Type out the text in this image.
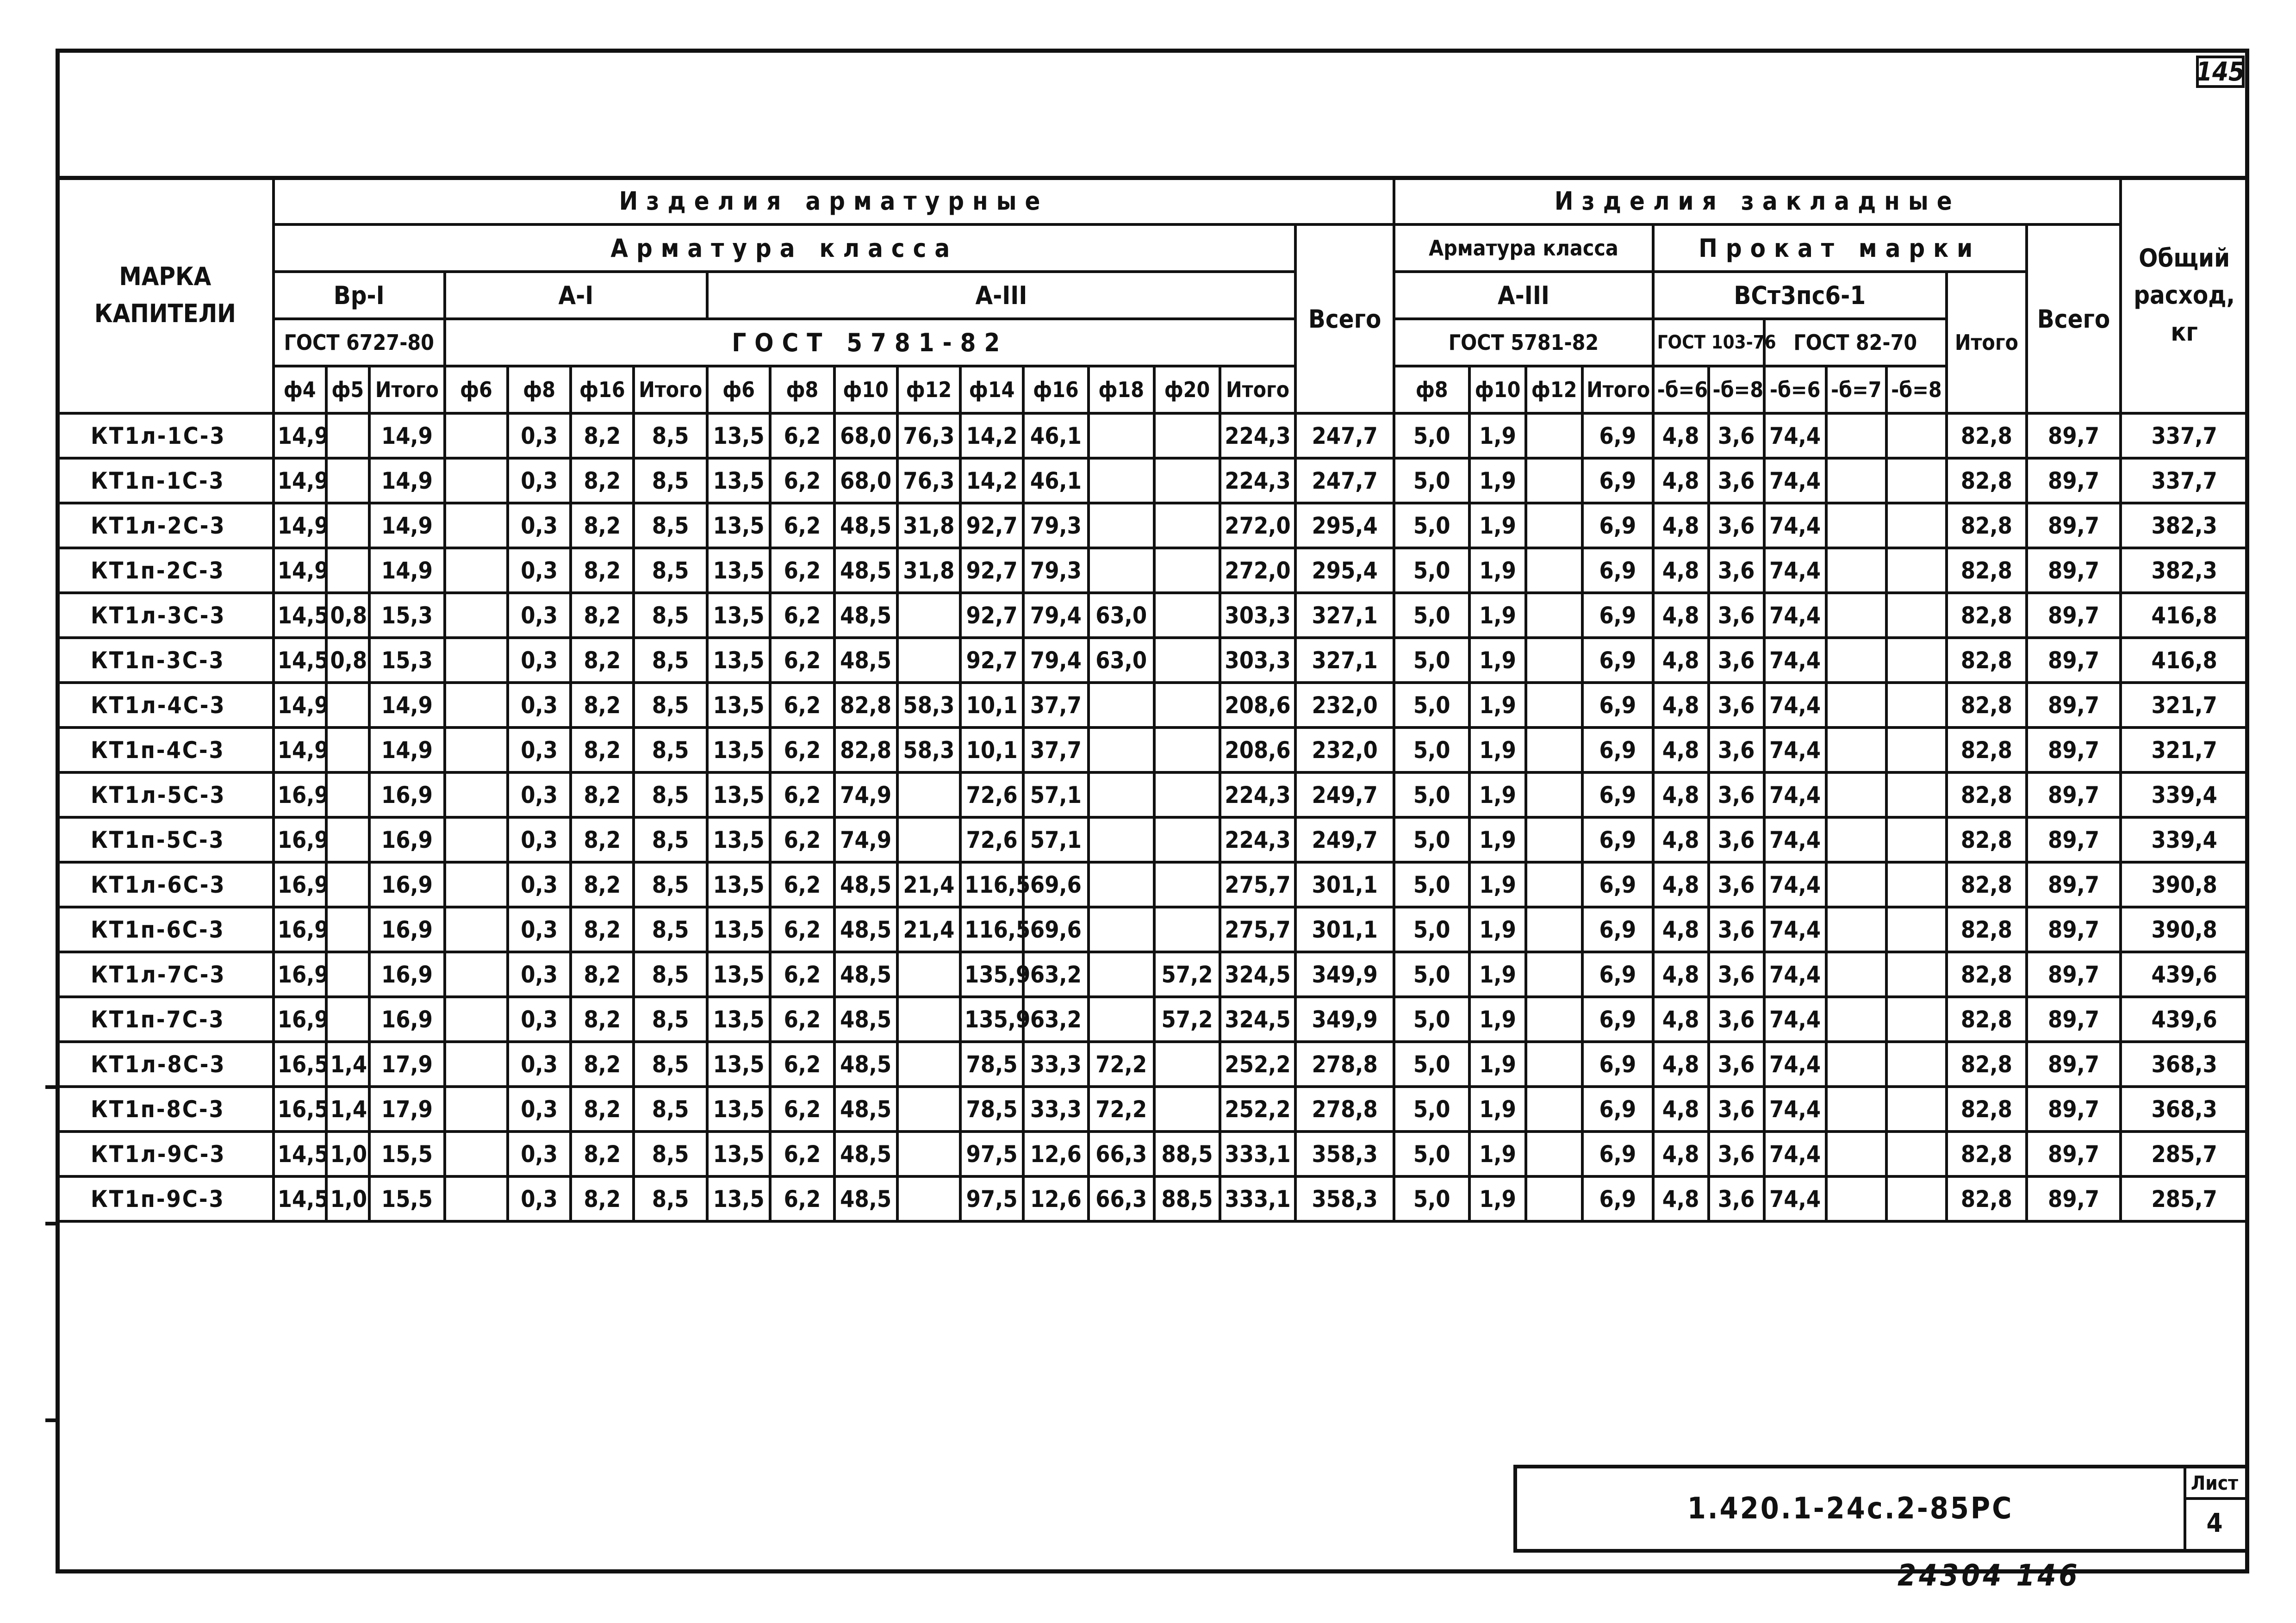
145
МАРКА КАПИТЕЛИ	Изделия арматурные																	Изделия закладные											Общий расход, кг
	Арматура класса																Всего	Арматура класса				Прокат марки						Всего	
	Вр-I			А-I				А-III										А-III				ВСт3пс6-1					Итого		
	ГОСТ 6727-80			ГОСТ 5781-82														ГОСТ 5781-82				ГОСТ 103-76		ГОСТ 82-70					
	ф4	ф5	Итого	ф6	ф8	ф16	Итого	ф6	ф8	ф10	ф12	ф14	ф16	ф18	ф20	Итого		ф8	ф10	ф12	Итого	-б=6	-б=8	-б=6	-б=7	-б=8			
КТ1л-1С-3	14,9		14,9		0,3	8,2	8,5	13,5	6,2	68,0	76,3	14,2	46,1			224,3	247,7	5,0	1,9		6,9	4,8	3,6	74,4			82,8	89,7	337,7
КТ1п-1С-3	14,9		14,9		0,3	8,2	8,5	13,5	6,2	68,0	76,3	14,2	46,1			224,3	247,7	5,0	1,9		6,9	4,8	3,6	74,4			82,8	89,7	337,7
КТ1л-2С-3	14,9		14,9		0,3	8,2	8,5	13,5	6,2	48,5	31,8	92,7	79,3			272,0	295,4	5,0	1,9		6,9	4,8	3,6	74,4			82,8	89,7	382,3
КТ1п-2С-3	14,9		14,9		0,3	8,2	8,5	13,5	6,2	48,5	31,8	92,7	79,3			272,0	295,4	5,0	1,9		6,9	4,8	3,6	74,4			82,8	89,7	382,3
КТ1л-3С-3	14,5	0,8	15,3		0,3	8,2	8,5	13,5	6,2	48,5		92,7	79,4	63,0		303,3	327,1	5,0	1,9		6,9	4,8	3,6	74,4			82,8	89,7	416,8
КТ1п-3С-3	14,5	0,8	15,3		0,3	8,2	8,5	13,5	6,2	48,5		92,7	79,4	63,0		303,3	327,1	5,0	1,9		6,9	4,8	3,6	74,4			82,8	89,7	416,8
КТ1л-4С-3	14,9		14,9		0,3	8,2	8,5	13,5	6,2	82,8	58,3	10,1	37,7			208,6	232,0	5,0	1,9		6,9	4,8	3,6	74,4			82,8	89,7	321,7
КТ1п-4С-3	14,9		14,9		0,3	8,2	8,5	13,5	6,2	82,8	58,3	10,1	37,7			208,6	232,0	5,0	1,9		6,9	4,8	3,6	74,4			82,8	89,7	321,7
КТ1л-5С-3	16,9		16,9		0,3	8,2	8,5	13,5	6,2	74,9		72,6	57,1			224,3	249,7	5,0	1,9		6,9	4,8	3,6	74,4			82,8	89,7	339,4
КТ1п-5С-3	16,9		16,9		0,3	8,2	8,5	13,5	6,2	74,9		72,6	57,1			224,3	249,7	5,0	1,9		6,9	4,8	3,6	74,4			82,8	89,7	339,4
КТ1л-6С-3	16,9		16,9		0,3	8,2	8,5	13,5	6,2	48,5	21,4	116,5	69,6			275,7	301,1	5,0	1,9		6,9	4,8	3,6	74,4			82,8	89,7	390,8
КТ1п-6С-3	16,9		16,9		0,3	8,2	8,5	13,5	6,2	48,5	21,4	116,5	69,6			275,7	301,1	5,0	1,9		6,9	4,8	3,6	74,4			82,8	89,7	390,8
КТ1л-7С-3	16,9		16,9		0,3	8,2	8,5	13,5	6,2	48,5		135,9	63,2		57,2	324,5	349,9	5,0	1,9		6,9	4,8	3,6	74,4			82,8	89,7	439,6
КТ1п-7С-3	16,9		16,9		0,3	8,2	8,5	13,5	6,2	48,5		135,9	63,2		57,2	324,5	349,9	5,0	1,9		6,9	4,8	3,6	74,4			82,8	89,7	439,6
КТ1л-8С-3	16,5	1,4	17,9		0,3	8,2	8,5	13,5	6,2	48,5		78,5	33,3	72,2		252,2	278,8	5,0	1,9		6,9	4,8	3,6	74,4			82,8	89,7	368,3
КТ1п-8С-3	16,5	1,4	17,9		0,3	8,2	8,5	13,5	6,2	48,5		78,5	33,3	72,2		252,2	278,8	5,0	1,9		6,9	4,8	3,6	74,4			82,8	89,7	368,3
КТ1л-9С-3	14,5	1,0	15,5		0,3	8,2	8,5	13,5	6,2	48,5		97,5	12,6	66,3	88,5	333,1	358,3	5,0	1,9		6,9	4,8	3,6	74,4			82,8	89,7	285,7
КТ1п-9С-3	14,5	1,0	15,5		0,3	8,2	8,5	13,5	6,2	48,5		97,5	12,6	66,3	88,5	333,1	358,3	5,0	1,9		6,9	4,8	3,6	74,4			82,8	89,7	285,7
1.420.1-24с.2-85РС
Лист
4
24304 146
